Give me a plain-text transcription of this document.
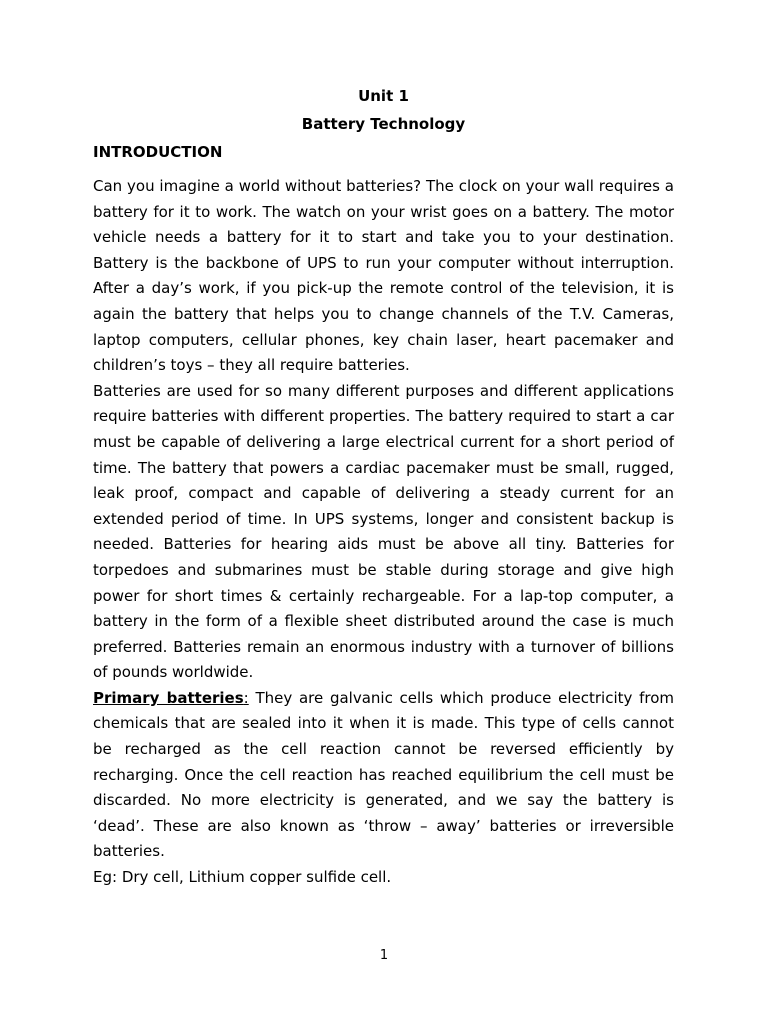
Unit 1

Battery Technology

INTRODUCTION

Can you imagine a world without batteries? The clock on your wall requires a battery for it to work. The watch on your wrist goes on a battery. The motor vehicle needs a battery for it to start and take you to your destination. Battery is the backbone of UPS to run your computer without interruption. After a day’s work, if you pick-up the remote control of the television, it is again the battery that helps you to change channels of the T.V. Cameras, laptop computers, cellular phones, key chain laser, heart pacemaker and children’s toys – they all require batteries.

Batteries are used for so many different purposes and different applications require batteries with different properties. The battery required to start a car must be capable of delivering a large electrical current for a short period of time. The battery that powers a cardiac pacemaker must be small, rugged, leak proof, compact and capable of delivering a steady current for an extended period of time. In UPS systems, longer and consistent backup is needed. Batteries for hearing aids must be above all tiny. Batteries for torpedoes and submarines must be stable during storage and give high power for short times & certainly rechargeable. For a lap-top computer, a battery in the form of a flexible sheet distributed around the case is much preferred. Batteries remain an enormous industry with a turnover of billions of pounds worldwide.

Primary batteries: They are galvanic cells which produce electricity from chemicals that are sealed into it when it is made. This type of cells cannot be recharged as the cell reaction cannot be reversed efficiently by recharging. Once the cell reaction has reached equilibrium the cell must be discarded. No more electricity is generated, and we say the battery is ‘dead’. These are also known as ‘throw – away’ batteries or irreversible batteries.

Eg: Dry cell, Lithium copper sulfide cell.

1
